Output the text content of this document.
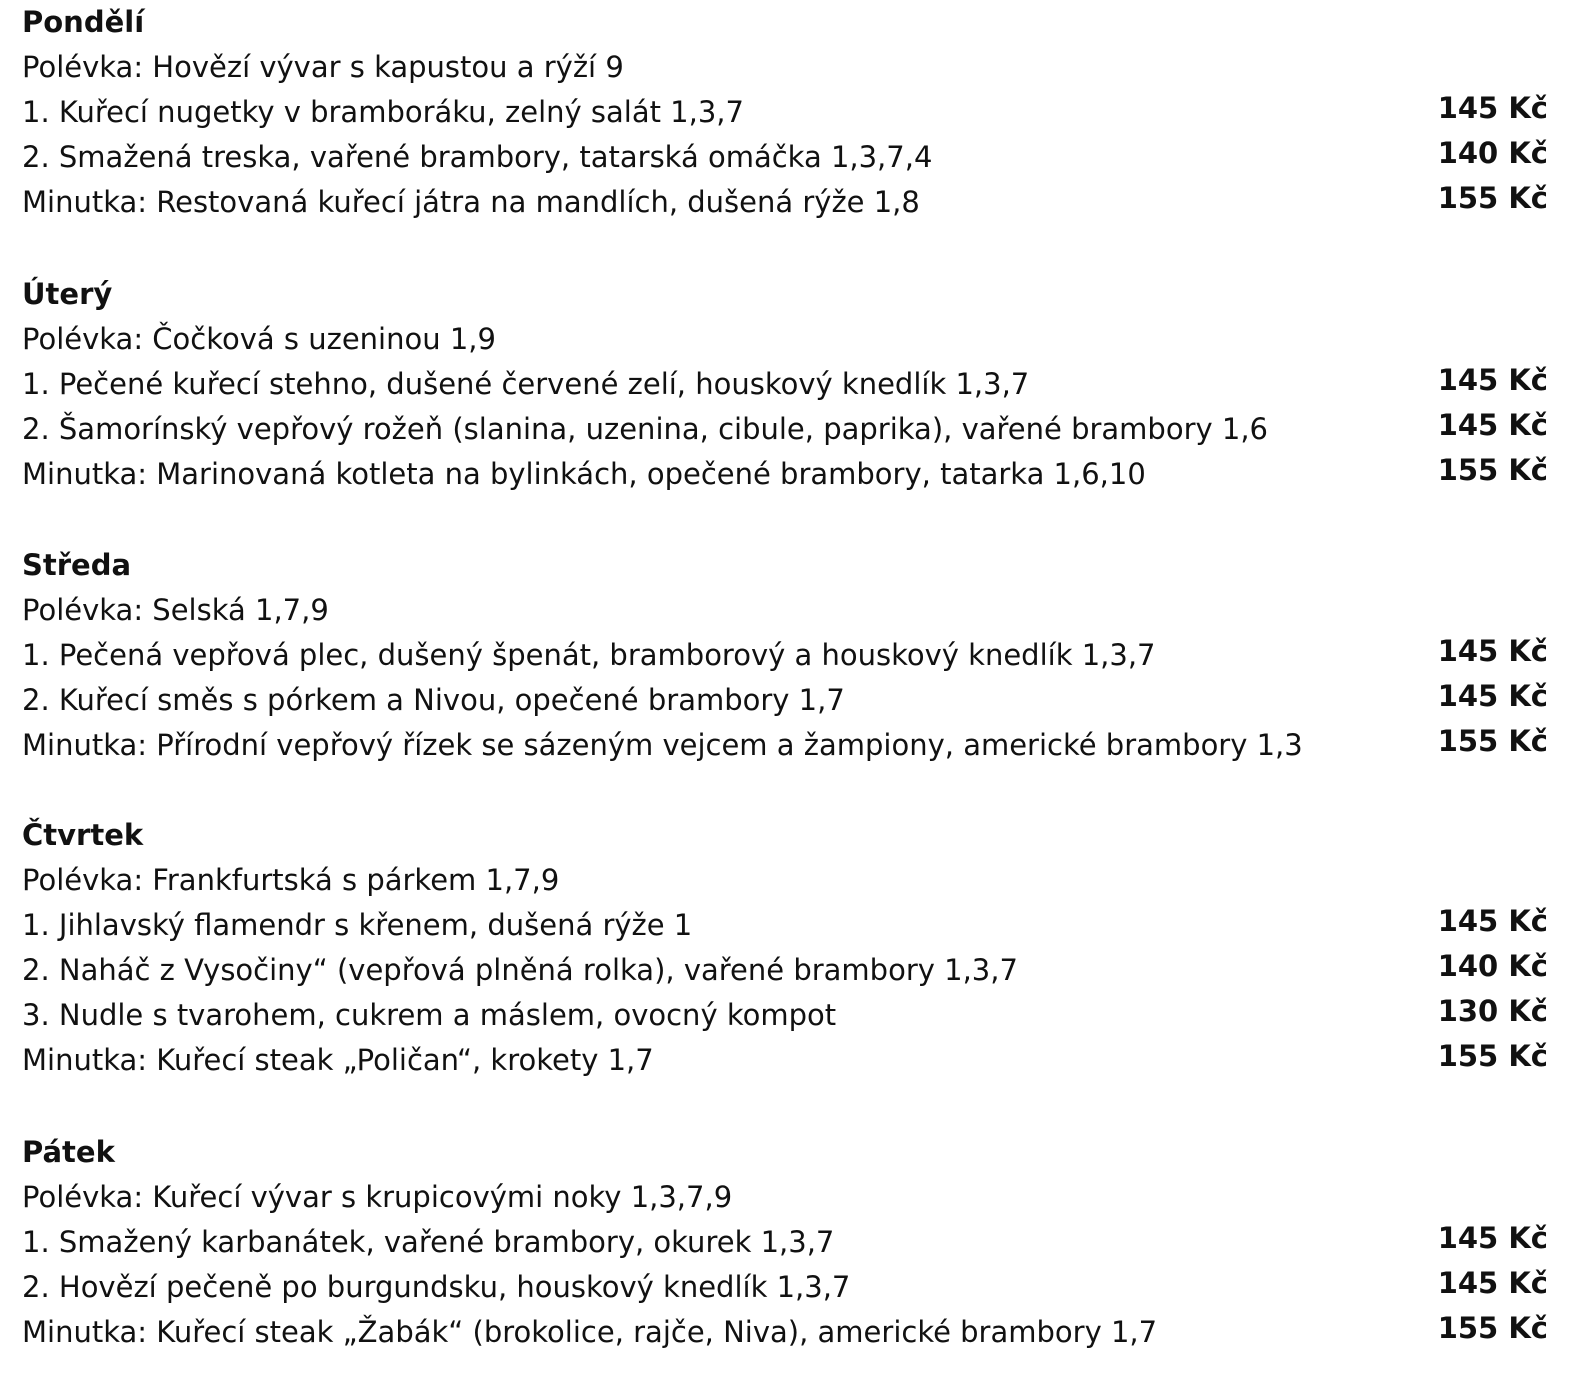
Pondělí
Polévka: Hovězí vývar s kapustou a rýží 9
1. Kuřecí nugetky v bramboráku, zelný salát 1,3,7	145 Kč
2. Smažená treska, vařené brambory, tatarská omáčka 1,3,7,4	140 Kč
Minutka: Restovaná kuřecí játra na mandlích, dušená rýže 1,8	155 Kč
Úterý
Polévka: Čočková s uzeninou 1,9
1. Pečené kuřecí stehno, dušené červené zelí, houskový knedlík 1,3,7	145 Kč
2. Šamorínský vepřový rožeň (slanina, uzenina, cibule, paprika), vařené brambory 1,6	145 Kč
Minutka: Marinovaná kotleta na bylinkách, opečené brambory, tatarka 1,6,10	155 Kč
Středa
Polévka: Selská 1,7,9
1. Pečená vepřová plec, dušený špenát, bramborový a houskový knedlík 1,3,7	145 Kč
2. Kuřecí směs s pórkem a Nivou, opečené brambory 1,7	145 Kč
Minutka: Přírodní vepřový řízek se sázeným vejcem a žampiony, americké brambory 1,3	155 Kč
Čtvrtek
Polévka: Frankfurtská s párkem 1,7,9
1. Jihlavský flamendr s křenem, dušená rýže 1	145 Kč
2. Naháč z Vysočiny“ (vepřová plněná rolka), vařené brambory 1,3,7	140 Kč
3. Nudle s tvarohem, cukrem a máslem, ovocný kompot	130 Kč
Minutka: Kuřecí steak „Poličan“, krokety 1,7	155 Kč
Pátek
Polévka: Kuřecí vývar s krupicovými noky 1,3,7,9
1. Smažený karbanátek, vařené brambory, okurek 1,3,7	145 Kč
2. Hovězí pečeně po burgundsku, houskový knedlík 1,3,7	145 Kč
Minutka: Kuřecí steak „Žabák“ (brokolice, rajče, Niva), americké brambory 1,7	155 Kč
